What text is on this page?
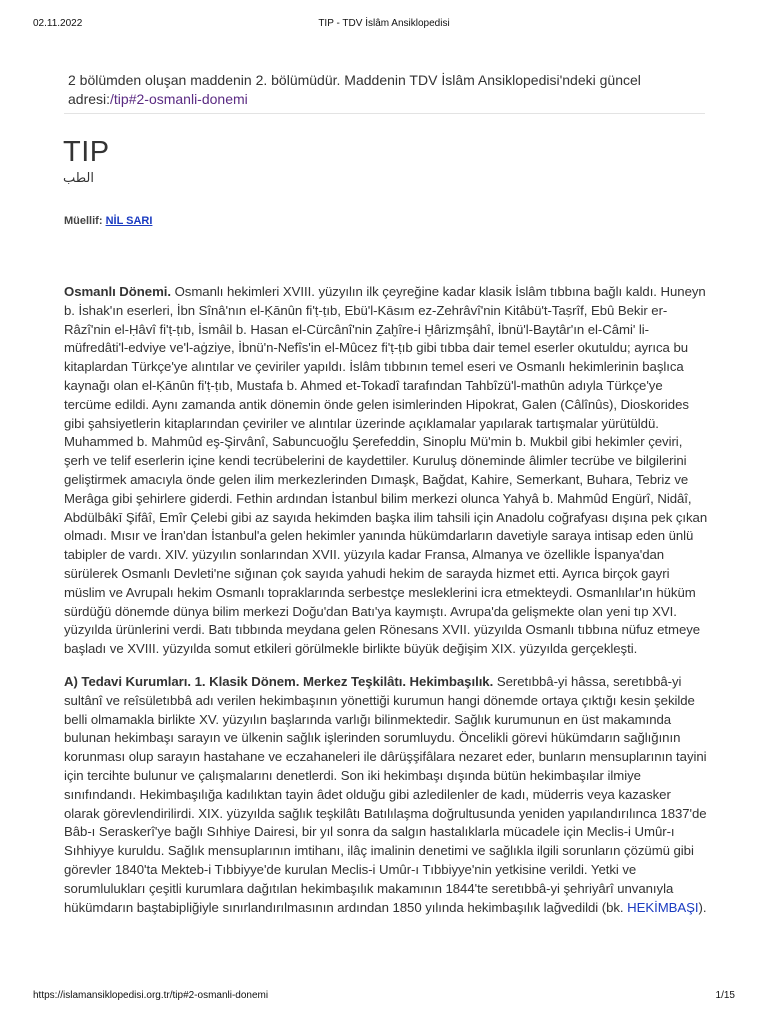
02.11.2022	TIP - TDV İslâm Ansiklopedisi
2 bölümden oluşan maddenin 2. bölümüdür. Maddenin TDV İslâm Ansiklopedisi'ndeki güncel adresi:/tip#2-osmanli-donemi
TIP
الطب
Müellif: NİL SARI

Osmanlı Dönemi. Osmanlı hekimleri XVIII. yüzyılın ilk çeyreğine kadar klasik İslâm tıbbına bağlı kaldı. Huneyn b. İshak'ın eserleri, İbn Sînâ'nın el-Ḳānûn fi'ṭ-ṭıb, Ebü'l-Kāsım ez-Zehrâvî'nin Kitâbü't-Taṣrîf, Ebû Bekir er-Râzî'nin el-Ḥâvî fi'ṭ-ṭıb, İsmâil b. Hasan el-Cürcânî'nin Ẕaḫîre-i Ḫârizmşâhî, İbnü'l-Baytâr'ın el-Câmi' li-müfredâti'l-edviye ve'l-aġziye, İbnü'n-Nefîs'in el-Mûcez fi'ṭ-ṭıb gibi tıbba dair temel eserler okutuldu; ayrıca bu kitaplardan Türkçe'ye alıntılar ve çeviriler yapıldı. İslâm tıbbının temel eseri ve Osmanlı hekimlerinin başlıca kaynağı olan el-Ḳānûn fi'ṭ-ṭıb, Mustafa b. Ahmed et-Tokadî tarafından Tahbîzü'l-mathûn adıyla Türkçe'ye tercüme edildi. Aynı zamanda antik dönemin önde gelen isimlerinden Hipokrat, Galen (Câlînûs), Dioskorides gibi şahsiyetlerin kitaplarından çeviriler ve alıntılar üzerinde açıklamalar yapılarak tartışmalar yürütüldü. Muhammed b. Mahmûd eş-Şirvânî, Sabuncuoğlu Şerefeddin, Sinoplu Mü'min b. Mukbil gibi hekimler çeviri, şerh ve telif eserlerin içine kendi tecrübelerini de kaydettiler. Kuruluş döneminde âlimler tecrübe ve bilgilerini geliştirmek amacıyla önde gelen ilim merkezlerinden Dımaşk, Bağdat, Kahire, Semerkant, Buhara, Tebriz ve Merâga gibi şehirlere giderdi. Fethin ardından İstanbul bilim merkezi olunca Yahyâ b. Mahmûd Engürî, Nidâî, Abdülbâkī Şifâî, Emîr Çelebi gibi az sayıda hekimden başka ilim tahsili için Anadolu coğrafyası dışına pek çıkan olmadı. Mısır ve İran'dan İstanbul'a gelen hekimler yanında hükümdarların davetiyle saraya intisap eden ünlü tabipler de vardı. XIV. yüzyılın sonlarından XVII. yüzyıla kadar Fransa, Almanya ve özellikle İspanya'dan sürülerek Osmanlı Devleti'ne sığınan çok sayıda yahudi hekim de sarayda hizmet etti. Ayrıca birçok gayri müslim ve Avrupalı hekim Osmanlı topraklarında serbestçe mesleklerini icra etmekteydi. Osmanlılar'ın hüküm sürdüğü dönemde dünya bilim merkezi Doğu'dan Batı'ya kaymıştı. Avrupa'da gelişmekte olan yeni tıp XVI. yüzyılda ürünlerini verdi. Batı tıbbında meydana gelen Rönesans XVII. yüzyılda Osmanlı tıbbına nüfuz etmeye başladı ve XVIII. yüzyılda somut etkileri görülmekle birlikte büyük değişim XIX. yüzyılda gerçekleşti.

A) Tedavi Kurumları. 1. Klasik Dönem. Merkez Teşkilâtı. Hekimbaşılık. Seretıbbâ-yi hâssa, seretıbbâ-yi sultânî ve reîsületıbbâ adı verilen hekimbaşının yönettiği kurumun hangi dönemde ortaya çıktığı kesin şekilde belli olmamakla birlikte XV. yüzyılın başlarında varlığı bilinmektedir. Sağlık kurumunun en üst makamında bulunan hekimbaşı sarayın ve ülkenin sağlık işlerinden sorumluydu. Öncelikli görevi hükümdarın sağlığının korunması olup sarayın hastahane ve eczahaneleri ile dârüşşifâlara nezaret eder, bunların mensuplarının tayini için tercihte bulunur ve çalışmalarını denetlerdi. Son iki hekimbaşı dışında bütün hekimbaşılar ilmiye sınıfındandı. Hekimbaşılığa kadılıktan tayin âdet olduğu gibi azledilenler de kadı, müderris veya kazasker olarak görevlendirilirdi. XIX. yüzyılda sağlık teşkilâtı Batılılaşma doğrultusunda yeniden yapılandırılınca 1837'de Bâb-ı Seraskerî'ye bağlı Sıhhiye Dairesi, bir yıl sonra da salgın hastalıklarla mücadele için Meclis-i Umûr-ı Sıhhiyye kuruldu. Sağlık mensuplarının imtihanı, ilâç imalinin denetimi ve sağlıkla ilgili sorunların çözümü gibi görevler 1840'ta Mekteb-i Tıbbiyye'de kurulan Meclis-i Umûr-ı Tıbbiyye'nin yetkisine verildi. Yetki ve sorumlulukları çeşitli kurumlara dağıtılan hekimbaşılık makamının 1844'te seretıbbâ-yi şehriyârî unvanıyla hükümdarın baştabipliğiyle sınırlandırılmasının ardından 1850 yılında hekimbaşılık lağvedildi (bk. HEKİMBAŞI).

https://islamansiklopedisi.org.tr/tip#2-osmanli-donemi	1/15
